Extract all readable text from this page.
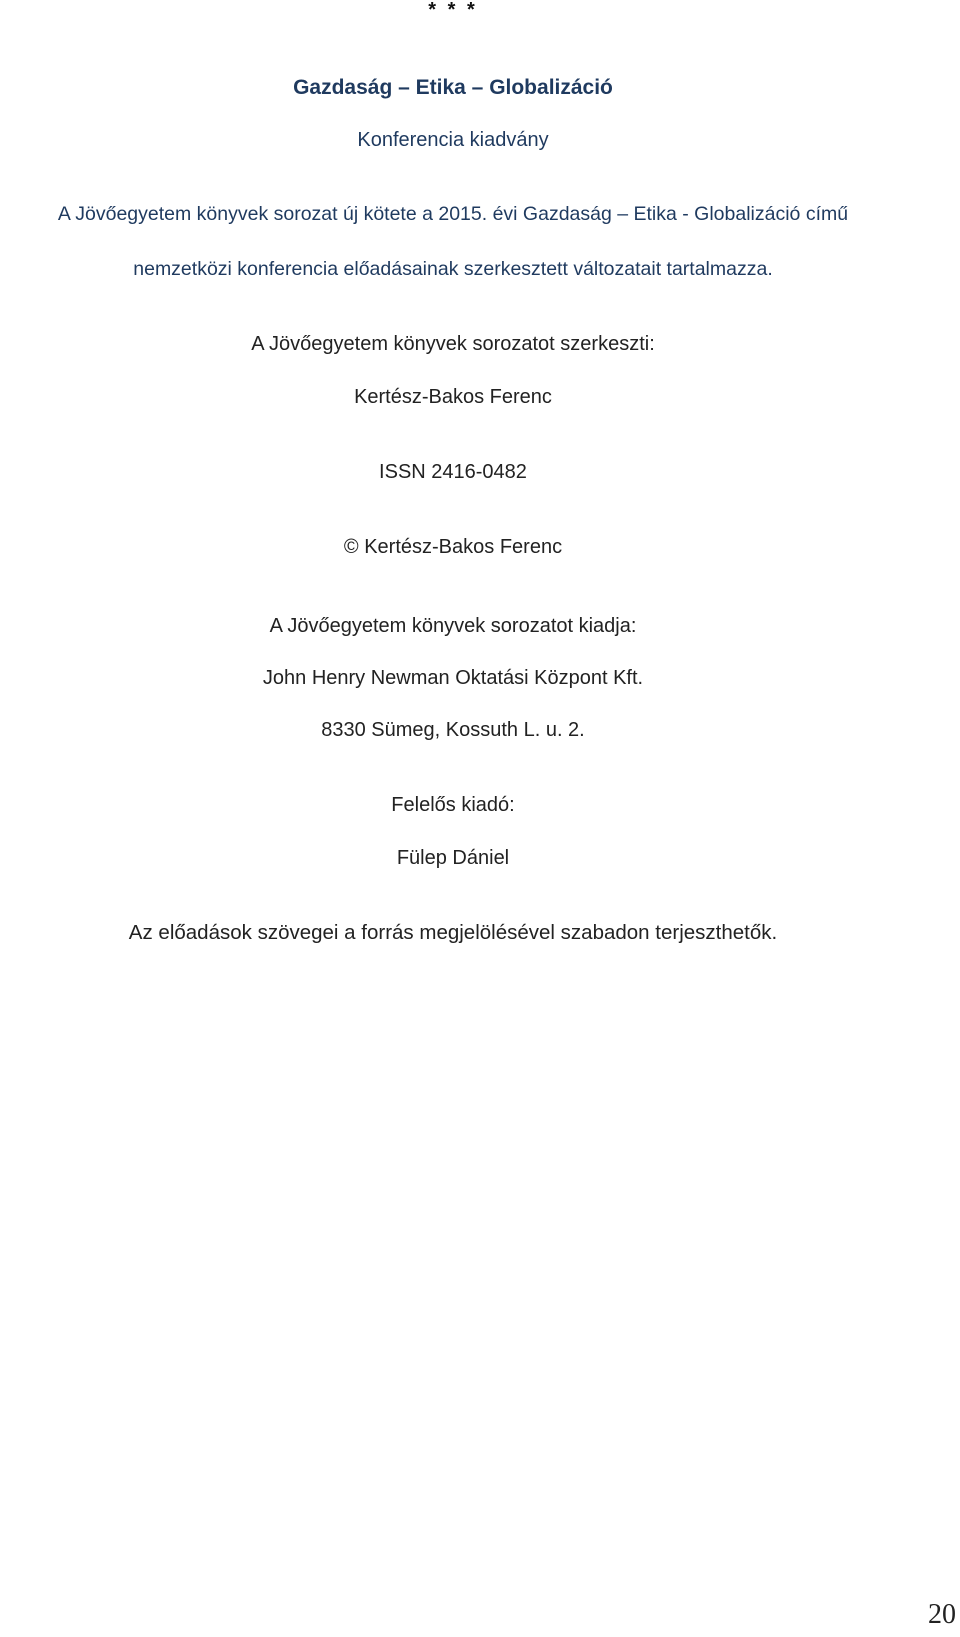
* * *
Gazdaság – Etika – Globalizáció
Konferencia kiadvány
A Jövőegyetem könyvek sorozat új kötete a 2015. évi Gazdaság – Etika - Globalizáció című
nemzetközi konferencia előadásainak szerkesztett változatait tartalmazza.
A Jövőegyetem könyvek sorozatot szerkeszti:
Kertész-Bakos Ferenc
ISSN 2416-0482
© Kertész-Bakos Ferenc
A Jövőegyetem könyvek sorozatot kiadja:
John Henry Newman Oktatási Központ Kft.
8330 Sümeg, Kossuth L. u. 2.
Felelős kiadó:
Fülep Dániel
Az előadások szövegei a forrás megjelölésével szabadon terjeszthetők.
20
